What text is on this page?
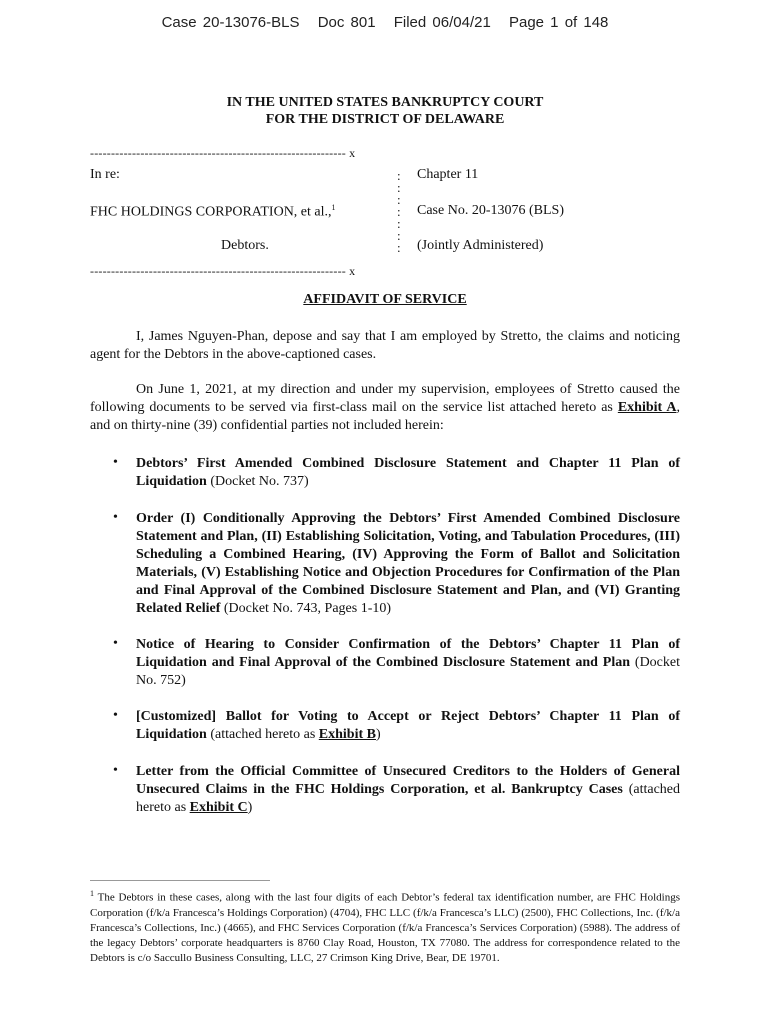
Case 20-13076-BLS Doc 801 Filed 06/04/21 Page 1 of 148
IN THE UNITED STATES BANKRUPTCY COURT
FOR THE DISTRICT OF DELAWARE
------------------------------------------------------------- x
In re:
FHC HOLDINGS CORPORATION, et al.,$^1$
Debtors.
:
:
:
:
:
:
:
Chapter 11
Case No. 20-13076 (BLS)
(Jointly Administered)
------------------------------------------------------------- x
AFFIDAVIT OF SERVICE
I, James Nguyen-Phan, depose and say that I am employed by Stretto, the claims and noticing agent for the Debtors in the above-captioned cases.
On June 1, 2021, at my direction and under my supervision, employees of Stretto caused the following documents to be served via first-class mail on the service list attached hereto as Exhibit A, and on thirty-nine (39) confidential parties not included herein:
• Debtors’ First Amended Combined Disclosure Statement and Chapter 11 Plan of Liquidation (Docket No. 737)
• Order (I) Conditionally Approving the Debtors’ First Amended Combined Disclosure Statement and Plan, (II) Establishing Solicitation, Voting, and Tabulation Procedures, (III) Scheduling a Combined Hearing, (IV) Approving the Form of Ballot and Solicitation Materials, (V) Establishing Notice and Objection Procedures for Confirmation of the Plan and Final Approval of the Combined Disclosure Statement and Plan, and (VI) Granting Related Relief (Docket No. 743, Pages 1-10)
• Notice of Hearing to Consider Confirmation of the Debtors’ Chapter 11 Plan of Liquidation and Final Approval of the Combined Disclosure Statement and Plan (Docket No. 752)
• [Customized] Ballot for Voting to Accept or Reject Debtors’ Chapter 11 Plan of Liquidation (attached hereto as Exhibit B)
• Letter from the Official Committee of Unsecured Creditors to the Holders of General Unsecured Claims in the FHC Holdings Corporation, et al. Bankruptcy Cases (attached hereto as Exhibit C)
$^1$ The Debtors in these cases, along with the last four digits of each Debtor’s federal tax identification number, are FHC Holdings Corporation (f/k/a Francesca’s Holdings Corporation) (4704), FHC LLC (f/k/a Francesca’s LLC) (2500), FHC Collections, Inc. (f/k/a Francesca’s Collections, Inc.) (4665), and FHC Services Corporation (f/k/a Francesca’s Services Corporation) (5988). The address of the legacy Debtors’ corporate headquarters is 8760 Clay Road, Houston, TX 77080. The address for correspondence related to the Debtors is c/o Saccullo Business Consulting, LLC, 27 Crimson King Drive, Bear, DE 19701.
